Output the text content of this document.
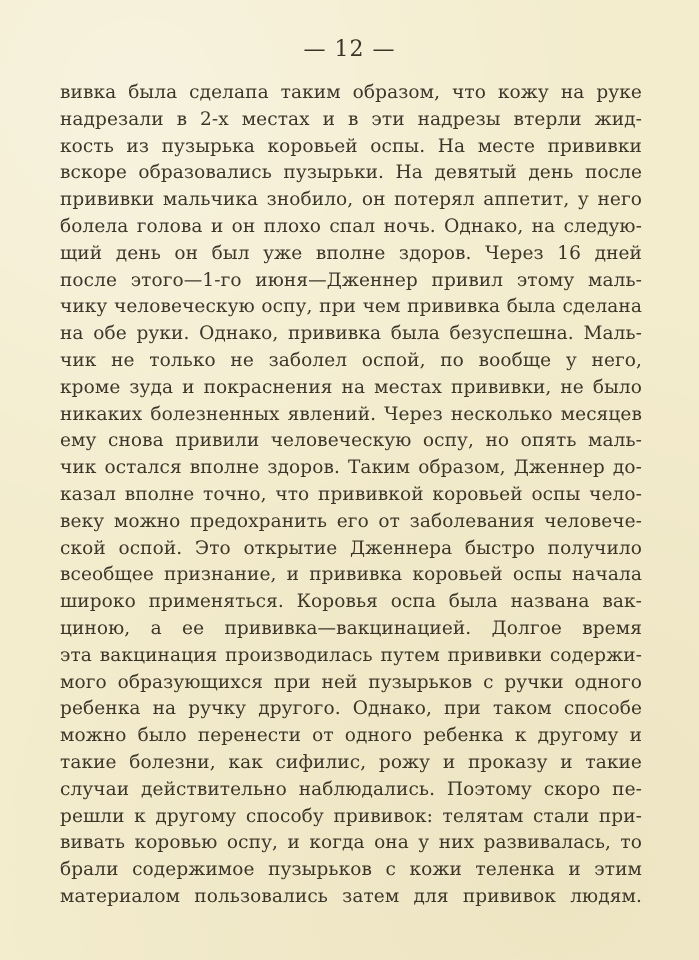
— 12 —
вивка была сделапа таким образом, что кожу на руке
надрезали в 2-х местах и в эти надрезы втерли жид-
кость из пузырька коровьей оспы. На месте прививки
вскоре образовались пузырьки. На девятый день после
прививки мальчика знобило, он потерял аппетит, у него
болела голова и он плохо спал ночь. Однако, на следую-
щий день он был уже вполне здоров. Через 16 дней
после этого—1-го июня—Дженнер привил этому маль-
чику человеческую оспу, при чем прививка была сделана
на обе руки. Однако, прививка была безуспешна. Маль-
чик не только не заболел оспой, по вообще у него,
кроме зуда и покраснения на местах прививки, не было
никаких болезненных явлений. Через несколько месяцев
ему снова привили человеческую оспу, но опять маль-
чик остался вполне здоров. Таким образом, Дженнер до-
казал вполне точно, что прививкой коровьей оспы чело-
веку можно предохранить его от заболевания человече-
ской оспой. Это открытие Дженнера быстро получило
всеобщее признание, и прививка коровьей оспы начала
широко применяться. Коровья оспа была названа вак-
циною, а ее прививка—вакцинацией. Долгое время
эта вакцинация производилась путем прививки содержи-
мого образующихся при ней пузырьков с ручки одного
ребенка на ручку другого. Однако, при таком способе
можно было перенести от одного ребенка к другому и
такие болезни, как сифилис, рожу и проказу и такие
случаи действительно наблюдались. Поэтому скоро пе-
решли к другому способу прививок: телятам стали при-
вивать коровью оспу, и когда она у них развивалась, то
брали содержимое пузырьков с кожи теленка и этим
материалом пользовались затем для прививок людям.
